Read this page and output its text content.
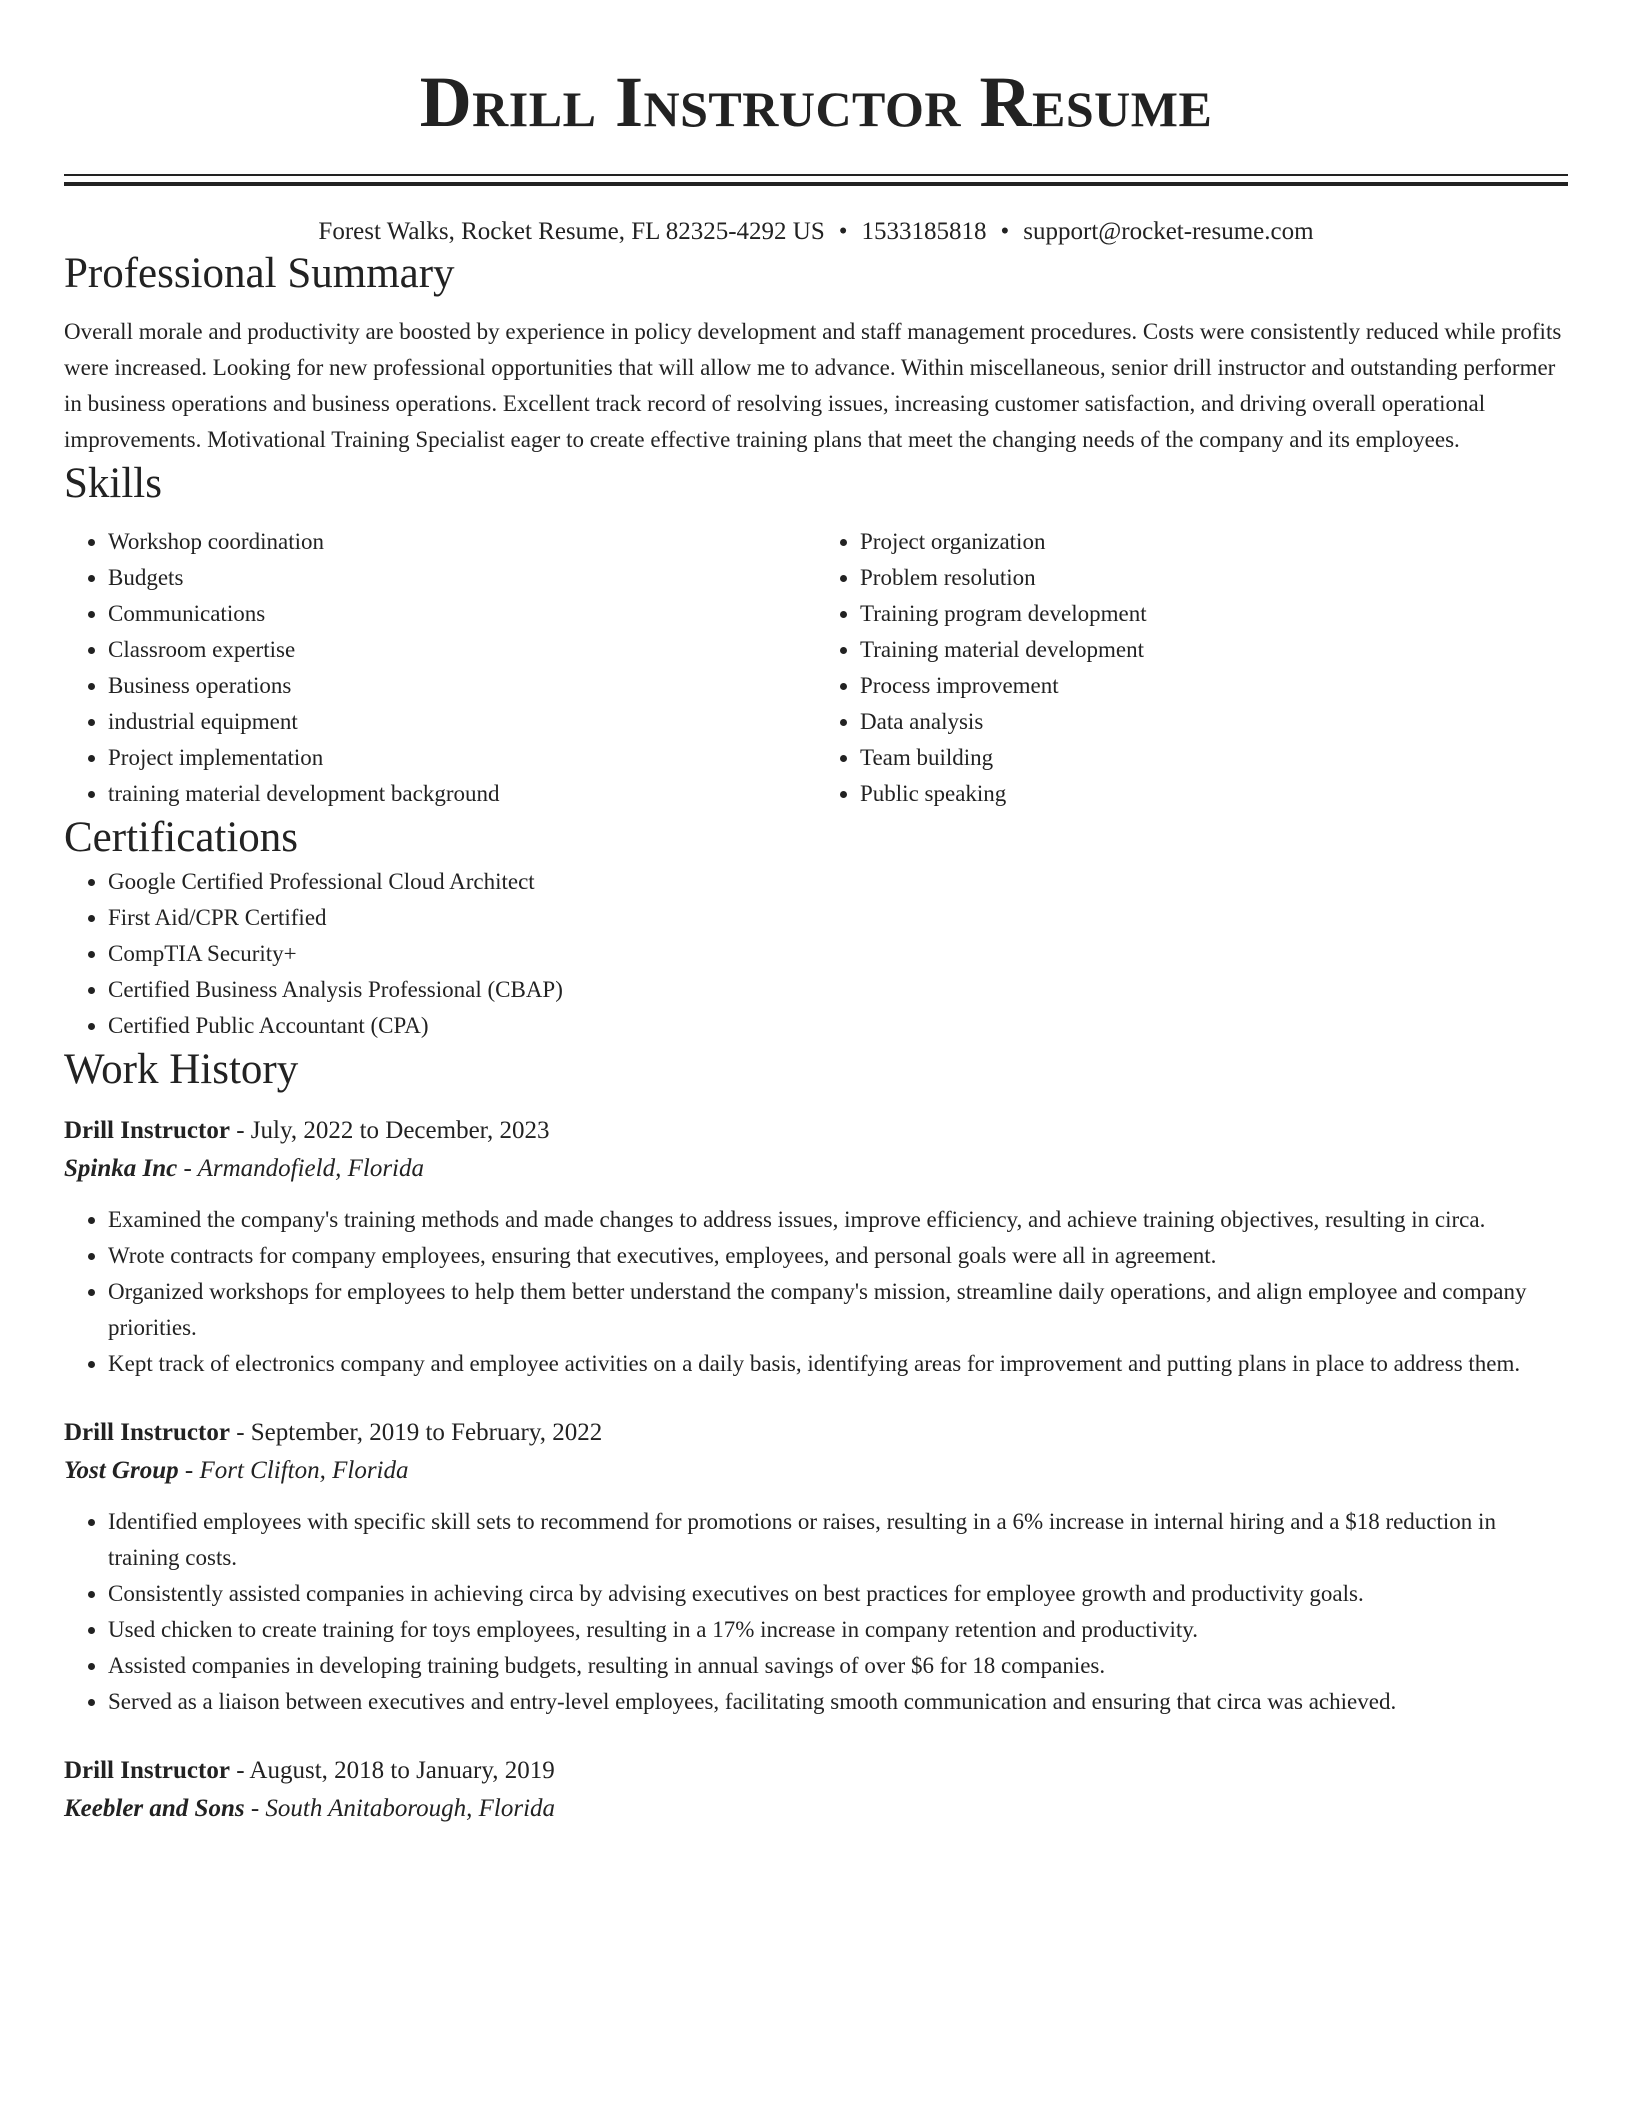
Drill Instructor Resume
Forest Walks, Rocket Resume, FL 82325-4292 US • 1533185818 • support@rocket-resume.com
Professional Summary
Overall morale and productivity are boosted by experience in policy development and staff management procedures. Costs were consistently reduced while profits were increased. Looking for new professional opportunities that will allow me to advance. Within miscellaneous, senior drill instructor and outstanding performer in business operations and business operations. Excellent track record of resolving issues, increasing customer satisfaction, and driving overall operational improvements. Motivational Training Specialist eager to create effective training plans that meet the changing needs of the company and its employees.
Skills
• Workshop coordination
• Budgets
• Communications
• Classroom expertise
• Business operations
• industrial equipment
• Project implementation
• training material development background
• Project organization
• Problem resolution
• Training program development
• Training material development
• Process improvement
• Data analysis
• Team building
• Public speaking
Certifications
• Google Certified Professional Cloud Architect
• First Aid/CPR Certified
• CompTIA Security+
• Certified Business Analysis Professional (CBAP)
• Certified Public Accountant (CPA)
Work History
Drill Instructor - July, 2022 to December, 2023
Spinka Inc - Armandofield, Florida
• Examined the company's training methods and made changes to address issues, improve efficiency, and achieve training objectives, resulting in circa.
• Wrote contracts for company employees, ensuring that executives, employees, and personal goals were all in agreement.
• Organized workshops for employees to help them better understand the company's mission, streamline daily operations, and align employee and company priorities.
• Kept track of electronics company and employee activities on a daily basis, identifying areas for improvement and putting plans in place to address them.
Drill Instructor - September, 2019 to February, 2022
Yost Group - Fort Clifton, Florida
• Identified employees with specific skill sets to recommend for promotions or raises, resulting in a 6% increase in internal hiring and a $18 reduction in training costs.
• Consistently assisted companies in achieving circa by advising executives on best practices for employee growth and productivity goals.
• Used chicken to create training for toys employees, resulting in a 17% increase in company retention and productivity.
• Assisted companies in developing training budgets, resulting in annual savings of over $6 for 18 companies.
• Served as a liaison between executives and entry-level employees, facilitating smooth communication and ensuring that circa was achieved.
Drill Instructor - August, 2018 to January, 2019
Keebler and Sons - South Anitaborough, Florida
